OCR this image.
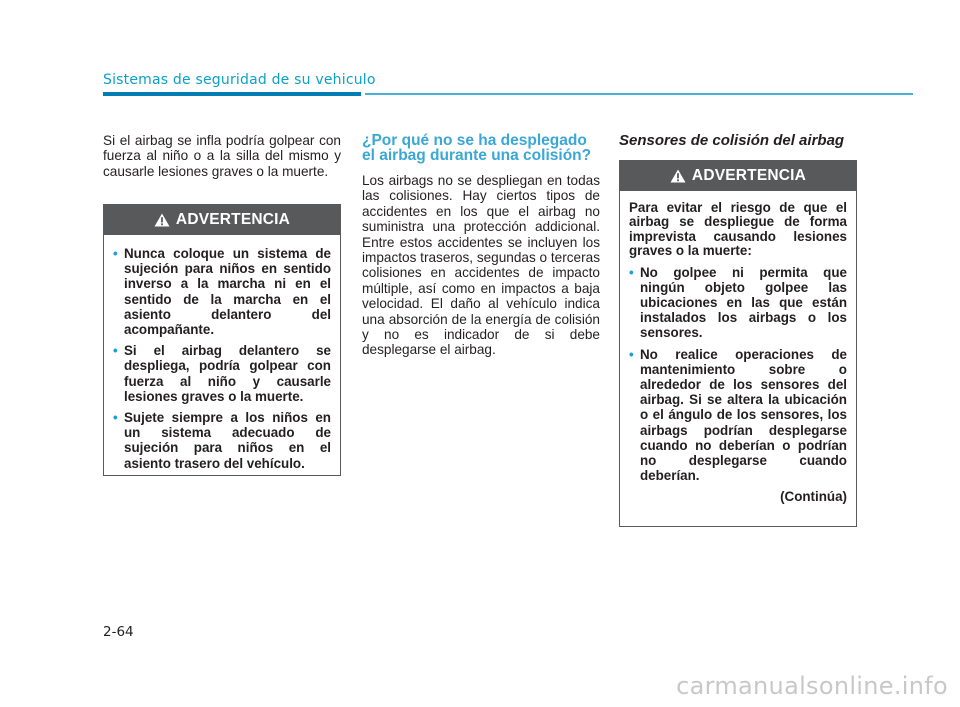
Sistemas de seguridad de su vehiculo

Si el airbag se infla podría golpear con fuerza al niño o a la silla del mismo y causarle lesiones graves o la muerte.

ADVERTENCIA
• Nunca coloque un sistema de sujeción para niños en sentido inverso a la marcha ni en el sentido de la marcha en el asiento delantero del acompañante.
• Si el airbag delantero se despliega, podría golpear con fuerza al niño y causarle lesiones graves o la muerte.
• Sujete siempre a los niños en un sistema adecuado de sujeción para niños en el asiento trasero del vehículo.
¿Por qué no se ha desplegado el airbag durante una colisión?

Los airbags no se despliegan en todas las colisiones. Hay ciertos tipos de accidentes en los que el airbag no suministra una protección addicional. Entre estos accidentes se incluyen los impactos traseros, segundas o terceras colisiones en accidentes de impacto múltiple, así como en impactos a baja velocidad. El daño al vehículo indica una absorción de la energía de colisión y no es indicador de si debe desplegarse el airbag.

Sensores de colisión del airbag
ADVERTENCIA
Para evitar el riesgo de que el airbag se despliegue de forma imprevista causando lesiones graves o la muerte:
• No golpee ni permita que ningún objeto golpee las ubicaciones en las que están instalados los airbags o los sensores.
• No realice operaciones de mantenimiento sobre o alrededor de los sensores del airbag. Si se altera la ubicación o el ángulo de los sensores, los airbags podrían desplegarse cuando no deberían o podrían no desplegarse cuando deberían.
(Continúa)
2-64
carmanualsonline.info
